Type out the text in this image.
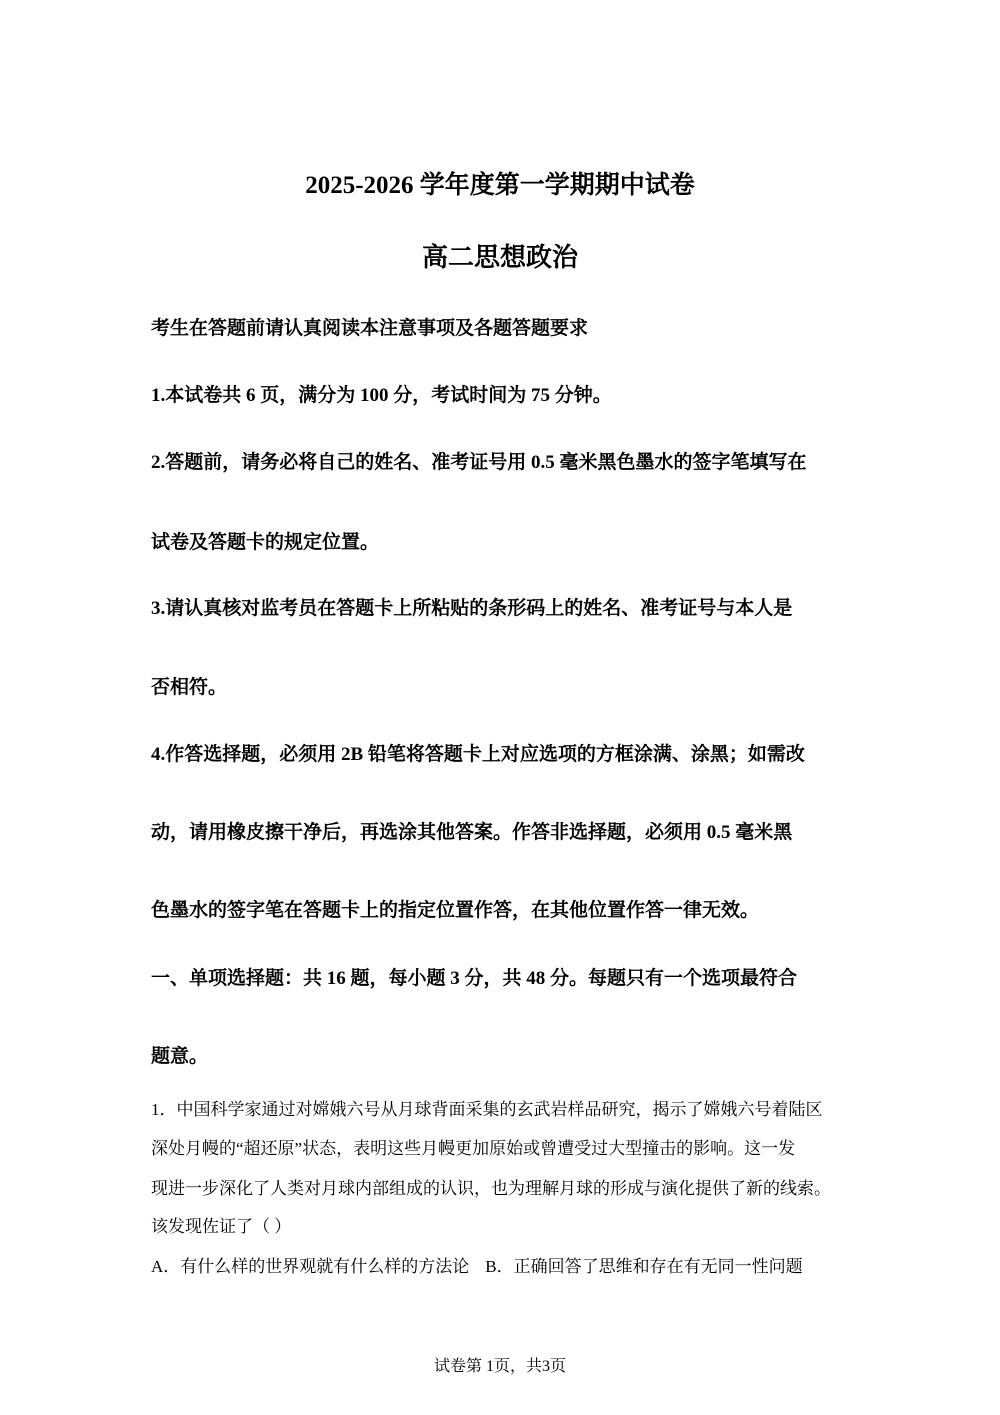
2025-2026 学年度第一学期期中试卷
高二思想政治
考生在答题前请认真阅读本注意事项及各题答题要求
1.本试卷共 6 页，满分为 100 分，考试时间为 75 分钟。
2.答题前，请务必将自己的姓名、准考证号用 0.5 毫米黑色墨水的签字笔填写在
试卷及答题卡的规定位置。
3.请认真核对监考员在答题卡上所粘贴的条形码上的姓名、准考证号与本人是
否相符。
4.作答选择题，必须用 2B 铅笔将答题卡上对应选项的方框涂满、涂黑；如需改
动，请用橡皮擦干净后，再选涂其他答案。作答非选择题，必须用 0.5 毫米黑
色墨水的签字笔在答题卡上的指定位置作答，在其他位置作答一律无效。
一、单项选择题：共 16 题，每小题 3 分，共 48 分。每题只有一个选项最符合
题意。
1．中国科学家通过对嫦娥六号从月球背面采集的玄武岩样品研究，揭示了嫦娥六号着陆区
深处月幔的“超还原”状态，表明这些月幔更加原始或曾遭受过大型撞击的影响。这一发
现进一步深化了人类对月球内部组成的认识，也为理解月球的形成与演化提供了新的线索。
该发现佐证了（ ）
A．有什么样的世界观就有什么样的方法论 B．正确回答了思维和存在有无同一性问题
试卷第 1页，共3页
